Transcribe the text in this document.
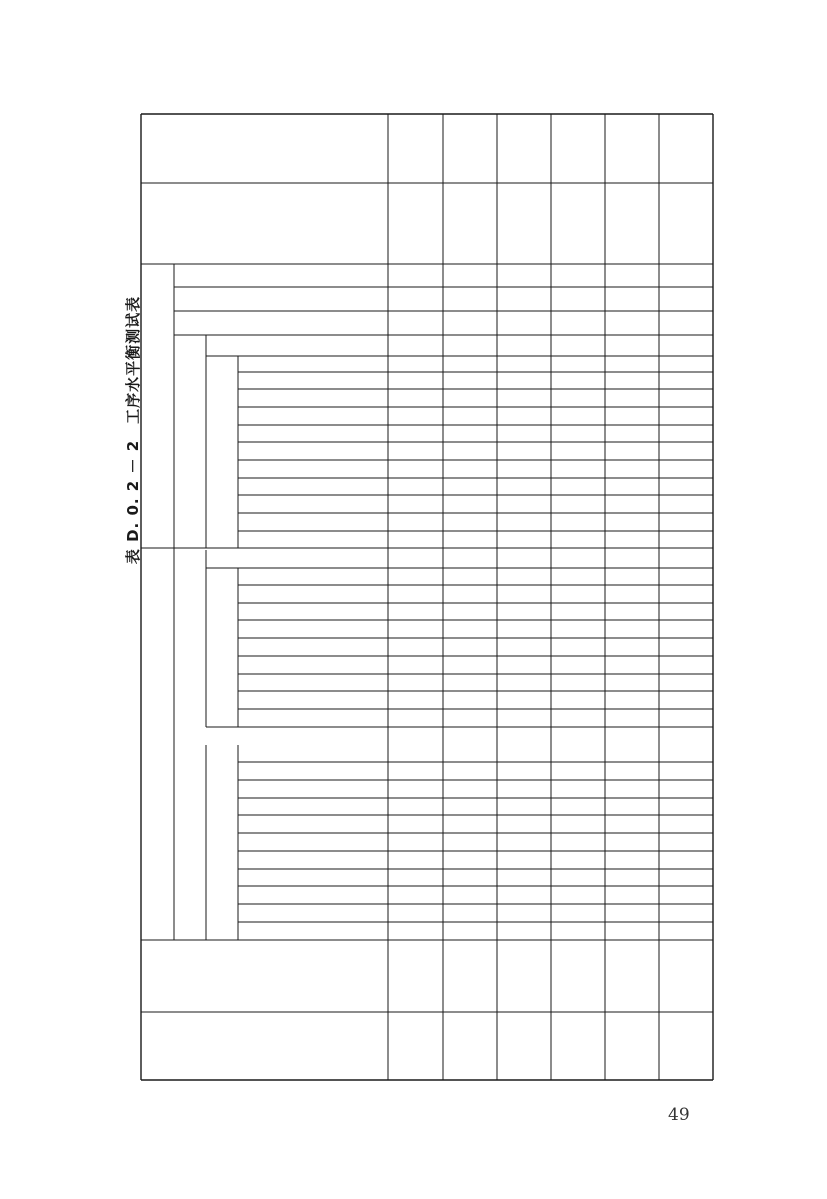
表 D. 0. 2 － 2　工序水平衡测试表
49
